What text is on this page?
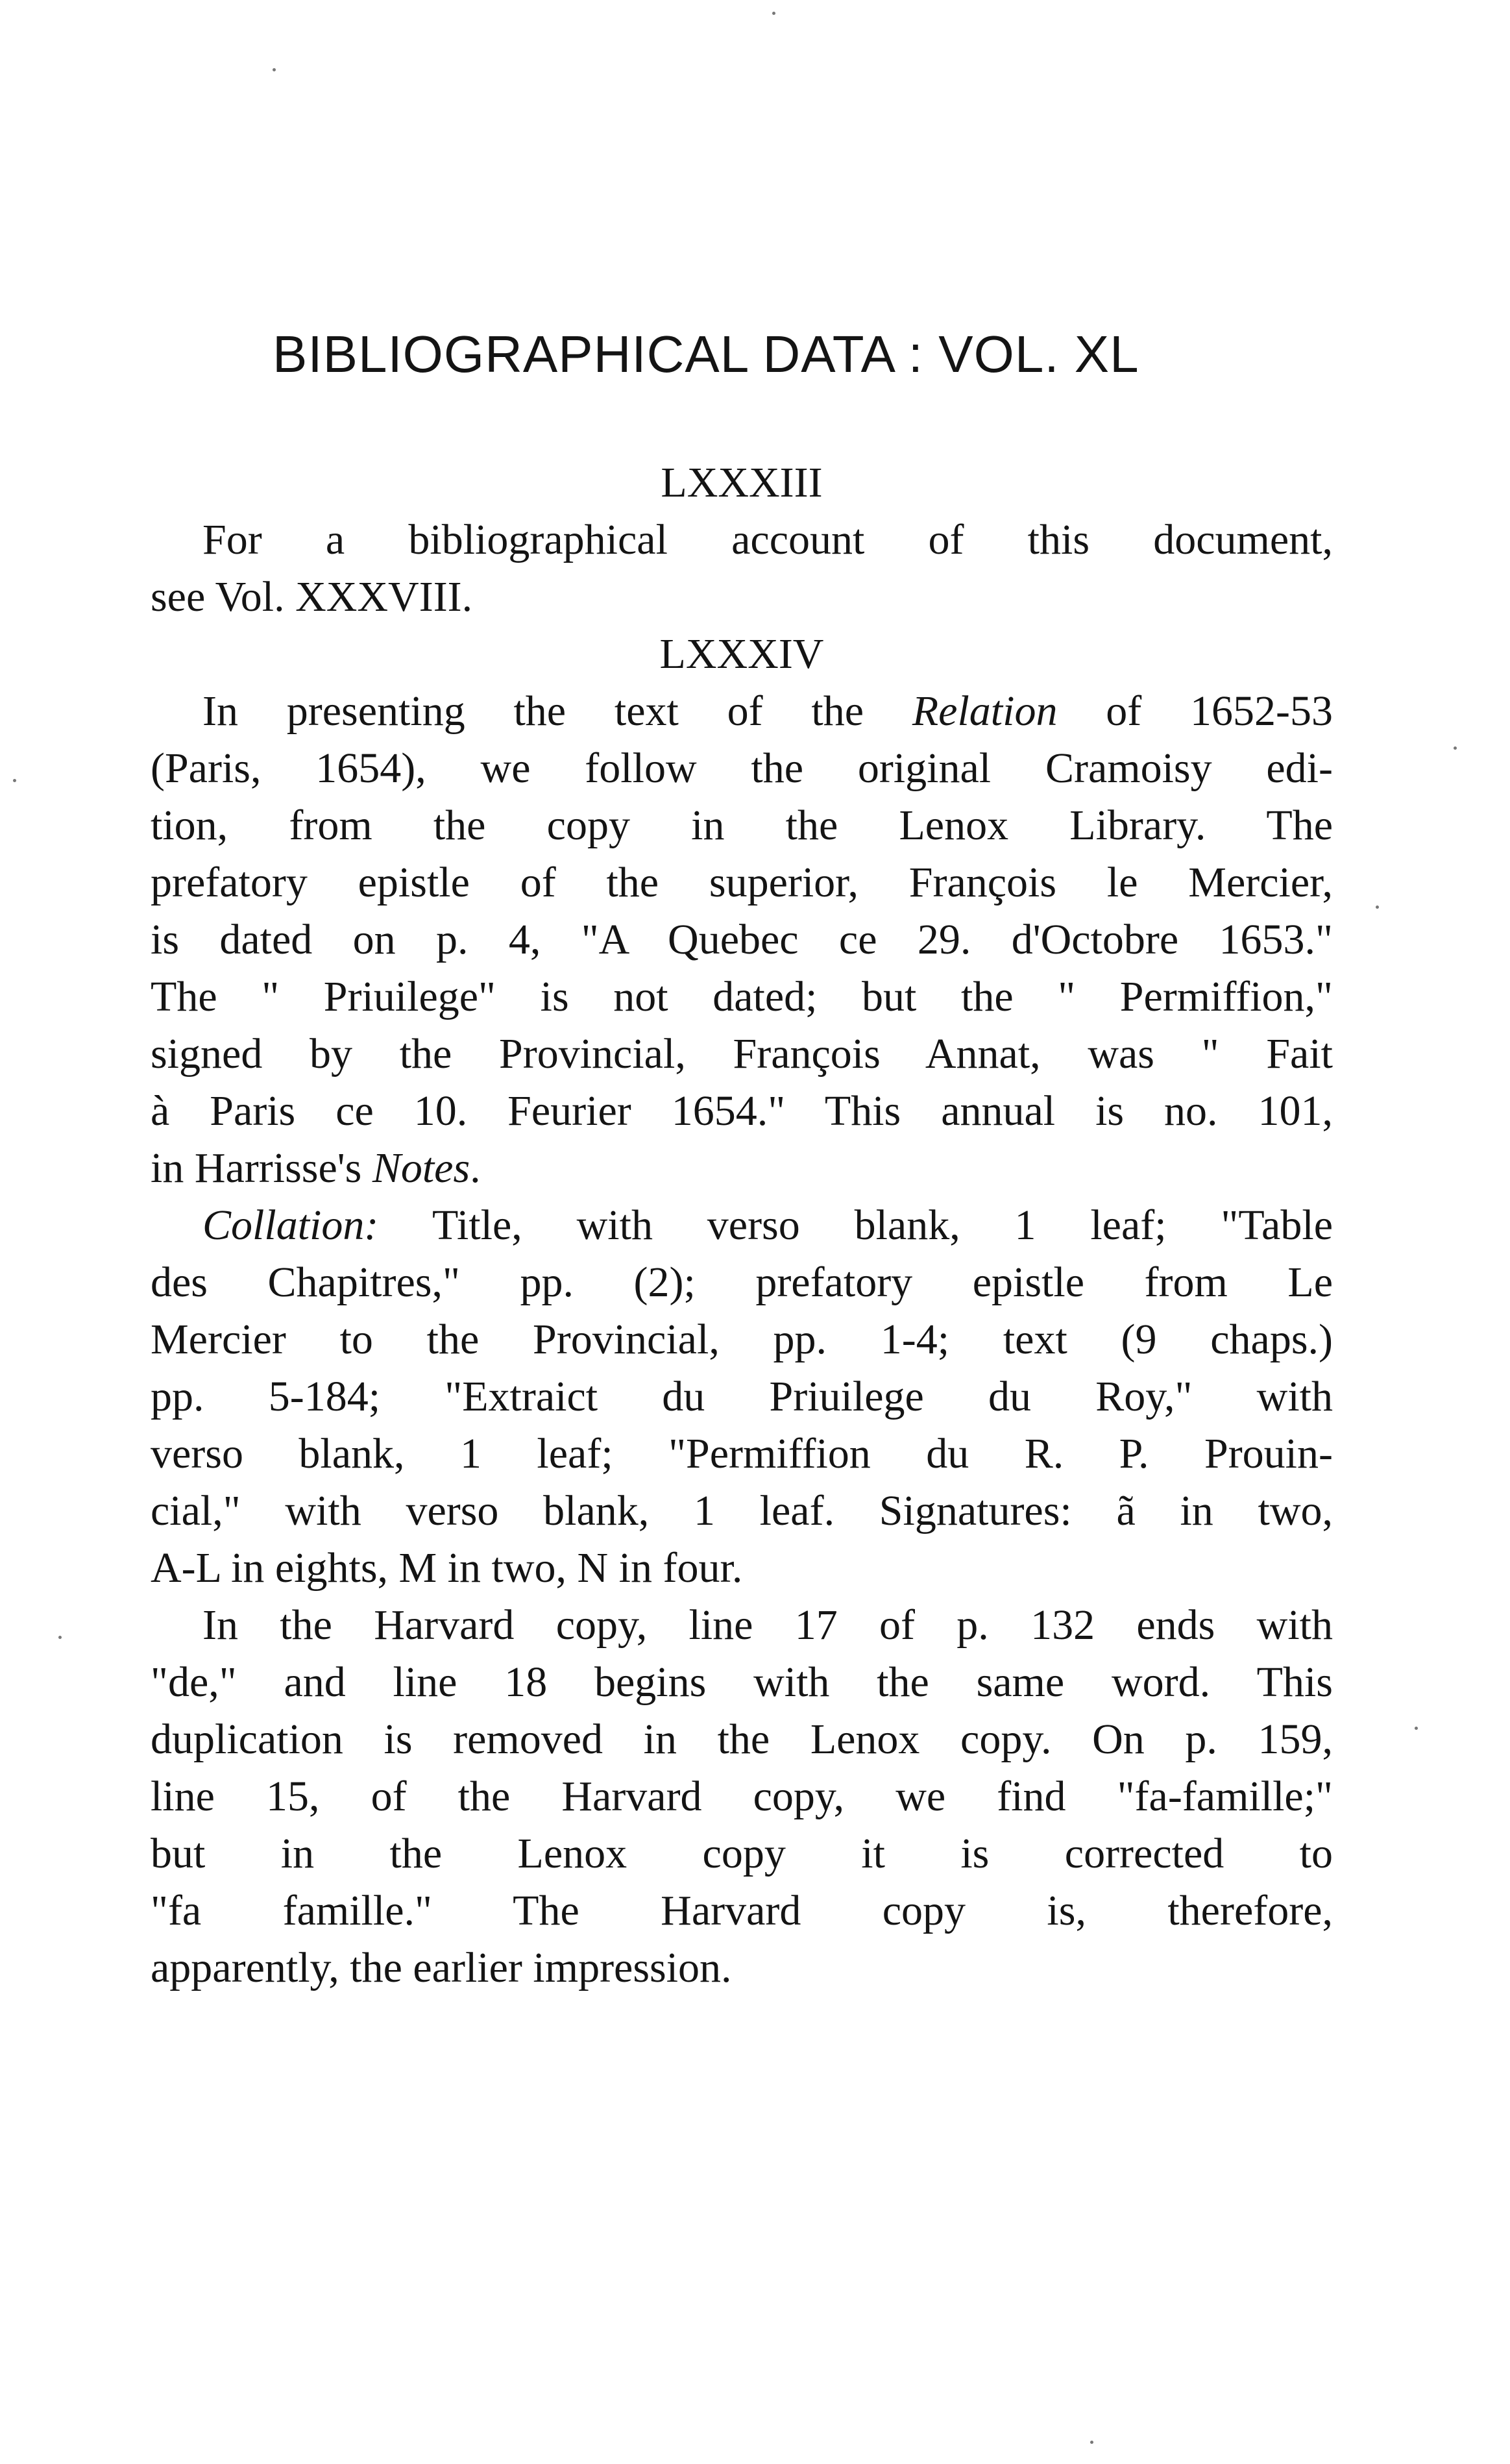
BIBLIOGRAPHICAL DATA : VOL. XL
LXXXIII

For a bibliographical account of this document,
see Vol. XXXVIII.

LXXXIV

In presenting the text of the Relation of 1652-53
(Paris, 1654), we follow the original Cramoisy edi-
tion, from the copy in the Lenox Library. The
prefatory epistle of the superior, François le Mercier,
is dated on p. 4, "A Quebec ce 29. d'Octobre 1653."
The " Priuilege" is not dated; but the " Permiffion,"
signed by the Provincial, François Annat, was " Fait
à Paris ce 10. Feurier 1654." This annual is no. 101,
in Harrisse's Notes.

Collation: Title, with verso blank, 1 leaf; "Table
des Chapitres," pp. (2); prefatory epistle from Le
Mercier to the Provincial, pp. 1-4; text (9 chaps.)
pp. 5-184; "Extraict du Priuilege du Roy," with
verso blank, 1 leaf; "Permiffion du R. P. Prouin-
cial," with verso blank, 1 leaf. Signatures: ã in two,
A-L in eights, M in two, N in four.

In the Harvard copy, line 17 of p. 132 ends with
"de," and line 18 begins with the same word. This
duplication is removed in the Lenox copy. On p. 159,
line 15, of the Harvard copy, we find "fa-famille;"
but in the Lenox copy it is corrected to
"fa famille." The Harvard copy is, therefore,
apparently, the earlier impression.
